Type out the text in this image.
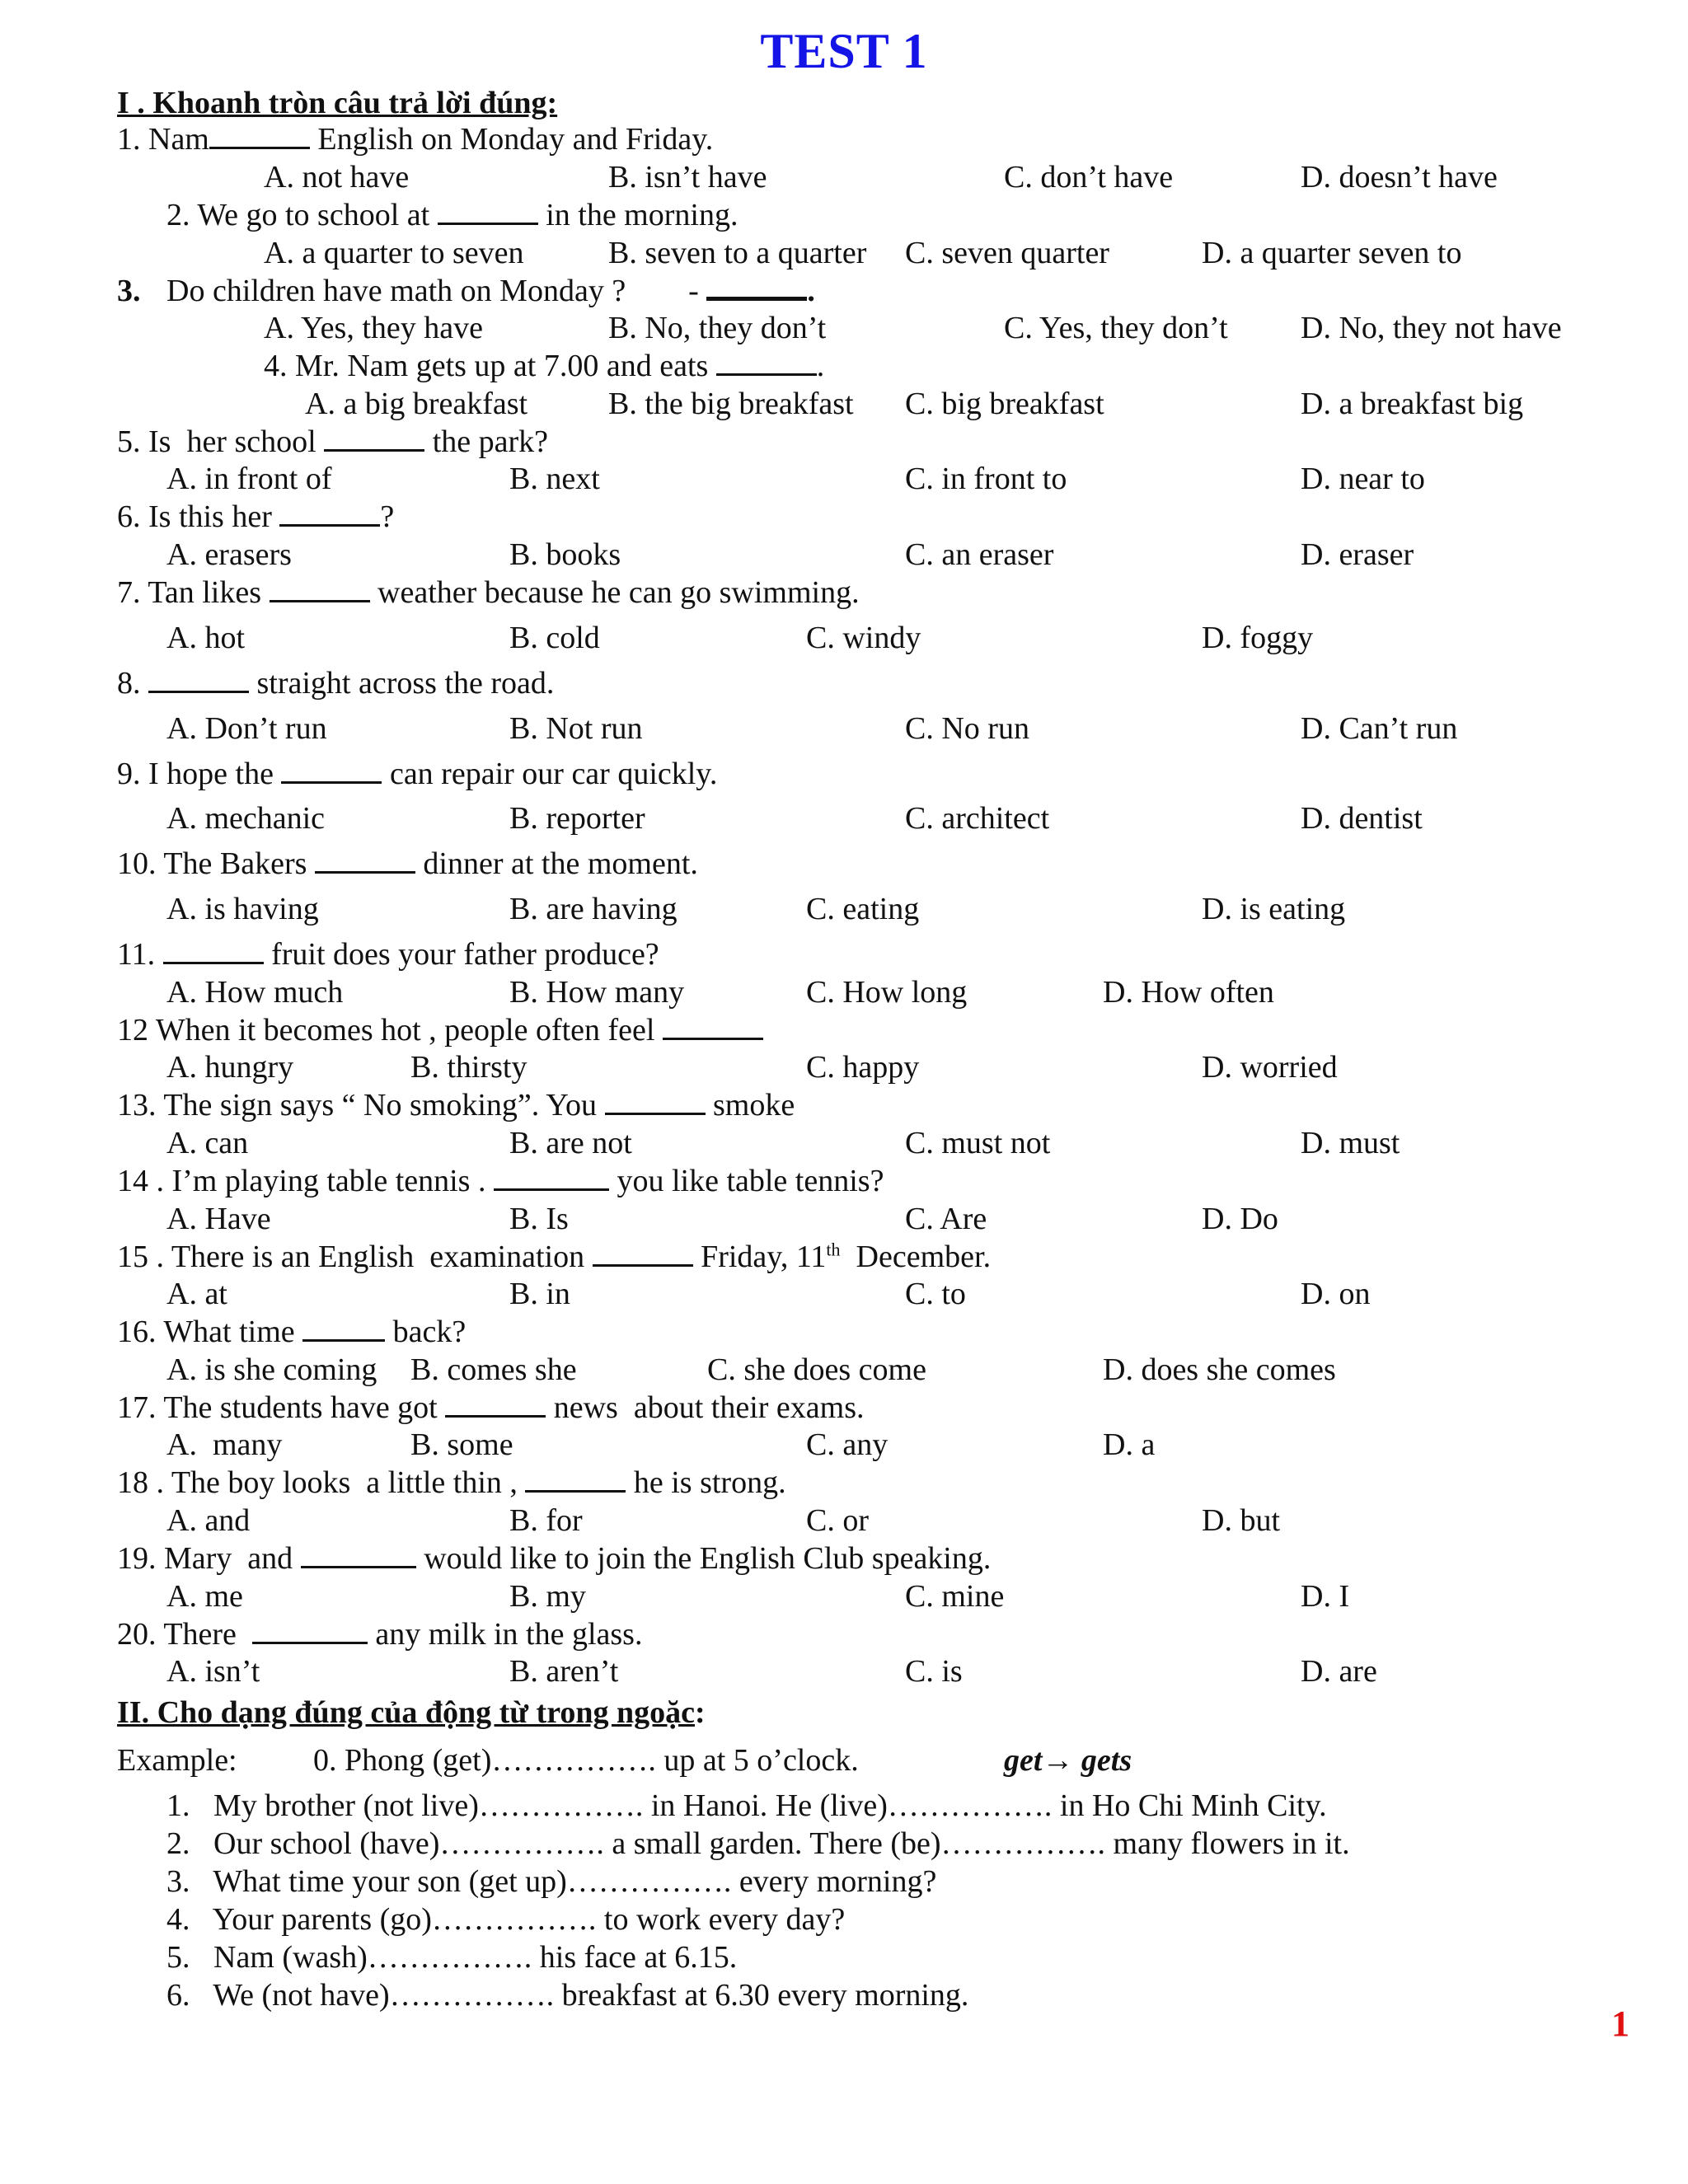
TEST 1
I . Khoanh tròn câu trả lời đúng:
1. Nam	English on Monday and Friday.
A. not have	B. isn’t have	C. don’t have	D. doesn’t have
2. We go to school at	in the morning.
A. a quarter to seven	B. seven to a quarter C. seven quarter	D. a quarter seven to
3. Do children have math on Monday ?        -	.
A. Yes, they have	B. No, they don’t	C. Yes, they don’t D. No, they not have
4. Mr. Nam gets up at 7.00 and eats	.
A. a big breakfast	B. the big breakfast C. big breakfast	D. a breakfast big
5. Is  her school	the park?
A. in front of	B. next	C. in front to	D. near to
6. Is this her	?
A. erasers	B. books	C. an eraser	D. eraser
7. Tan likes	weather because he can go swimming.
A. hot	B. cold	C. windy	D. foggy
8.	straight across the road.
A. Don’t run	B. Not run	C. No run	D. Can’t run
9. I hope the	can repair our car quickly.
A. mechanic	B. reporter	C. architect	D. dentist
10. The Bakers	dinner at the moment.
A. is having	B. are having	C. eating	D. is eating
11.	fruit does your father produce?
A. How much	B. How many	C. How long	D. How often
12 When it becomes hot , people often feel
A. hungry	B. thirsty	C. happy	D. worried
13. The sign says “ No smoking”. You	smoke
A. can	B. are not	C. must not	D. must
14 . I’m playing table tennis .	you like table tennis?
A. Have	B. Is	C. Are	D. Do
15 . There is an English  examination	Friday, 11th  December.
A. at	B. in	C. to	D. on
16. What time	back?
A. is she coming B. comes she	C. she does come	D. does she comes
17. The students have got	news  about their exams.
A.  many	B. some	C. any	D. a
18 . The boy looks  a little thin ,	he is strong.
A. and	B. for	C. or	D. but
19. Mary  and	would like to join the English Club speaking.
A. me	B. my	C. mine	D. I
20. There	any milk in the glass.
A. isn’t	B. aren’t	C. is	D. are
II. Cho dạng đúng của động từ trong ngoặc:
Example: 0. Phong (get)……………. up at 5 o’clock.	get→ gets
1.   My brother (not live)……………. in Hanoi. He (live)……………. in Ho Chi Minh City.
2.   Our school (have)……………. a small garden. There (be)……………. many flowers in it.
3.   What time your son (get up)……………. every morning?
4.   Your parents (go)……………. to work every day?
5.   Nam (wash)……………. his face at 6.15.
6.   We (not have)……………. breakfast at 6.30 every morning.
1
